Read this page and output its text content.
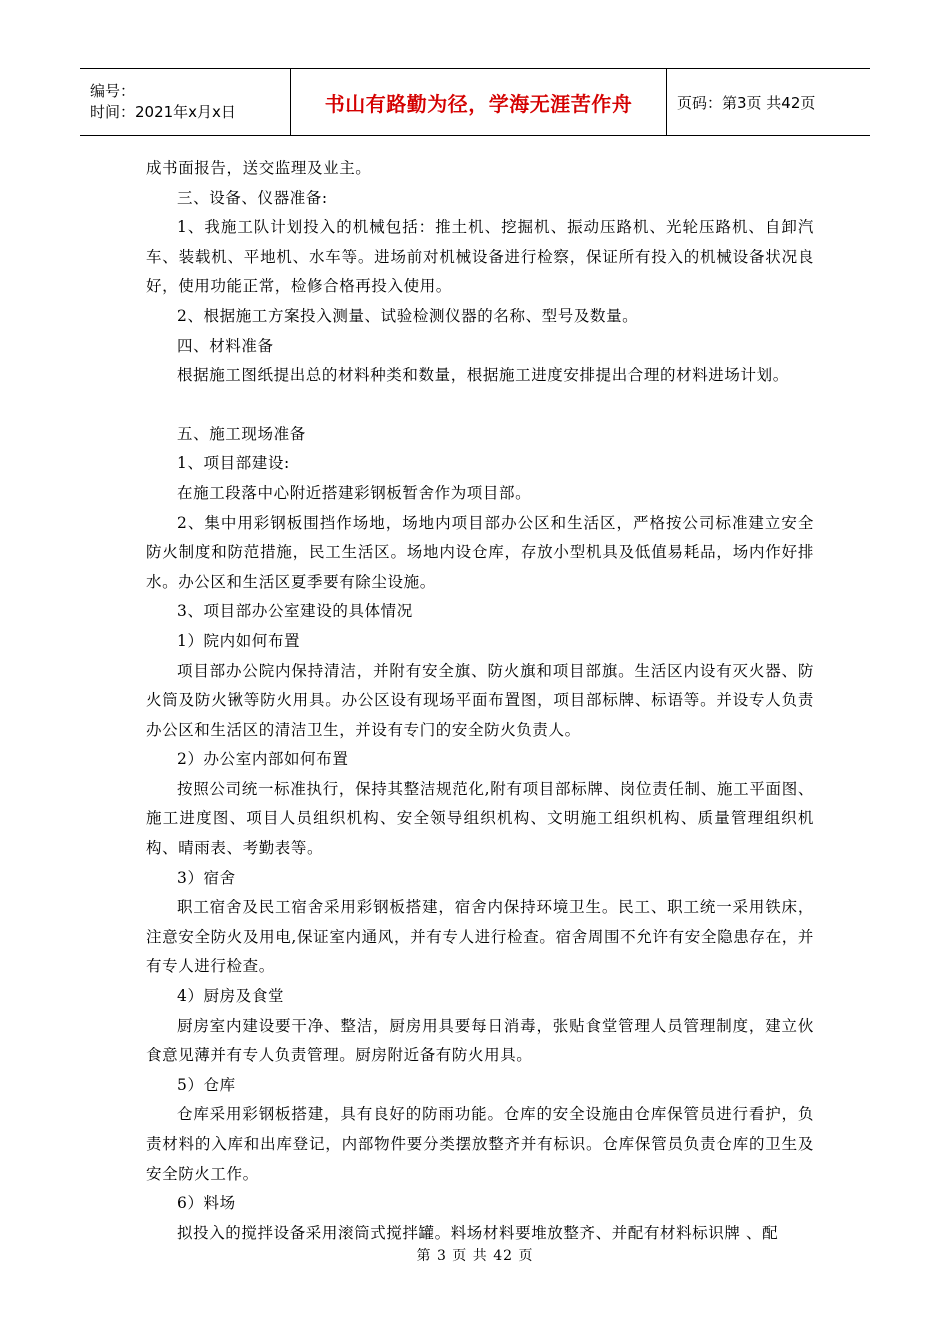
编号：
时间：2021年x月x日	书山有路勤为径，学海无涯苦作舟	页码：第3页 共42页

成书面报告，送交监理及业主。

三、设备、仪器准备:

1、我施工队计划投入的机械包括：推土机、挖掘机、振动压路机、光轮压路机、自卸汽车、装载机、平地机、水车等。进场前对机械设备进行检察，保证所有投入的机械设备状况良好，使用功能正常，检修合格再投入使用。

2、根据施工方案投入测量、试验检测仪器的名称、型号及数量。

四、材料准备

根据施工图纸提出总的材料种类和数量，根据施工进度安排提出合理的材料进场计划。

五、施工现场准备

1、项目部建设:

在施工段落中心附近搭建彩钢板暂舍作为项目部。

2、集中用彩钢板围挡作场地，场地内项目部办公区和生活区，严格按公司标准建立安全防火制度和防范措施，民工生活区。场地内设仓库，存放小型机具及低值易耗品，场内作好排水。办公区和生活区夏季要有除尘设施。

3、项目部办公室建设的具体情况

1）院内如何布置

项目部办公院内保持清洁，并附有安全旗、防火旗和项目部旗。生活区内设有灭火器、防火筒及防火锹等防火用具。办公区设有现场平面布置图，项目部标牌、标语等。并设专人负责办公区和生活区的清洁卫生，并设有专门的安全防火负责人。

2）办公室内部如何布置

按照公司统一标准执行，保持其整洁规范化,附有项目部标牌、岗位责任制、施工平面图、施工进度图、项目人员组织机构、安全领导组织机构、文明施工组织机构、质量管理组织机构、晴雨表、考勤表等。

3）宿舍

职工宿舍及民工宿舍采用彩钢板搭建，宿舍内保持环境卫生。民工、职工统一采用铁床，注意安全防火及用电,保证室内通风，并有专人进行检查。宿舍周围不允许有安全隐患存在，并有专人进行检查。

4）厨房及食堂

厨房室内建设要干净、整洁，厨房用具要每日消毒，张贴食堂管理人员管理制度，建立伙食意见薄并有专人负责管理。厨房附近备有防火用具。

5）仓库

仓库采用彩钢板搭建，具有良好的防雨功能。仓库的安全设施由仓库保管员进行看护，负责材料的入库和出库登记，内部物件要分类摆放整齐并有标识。仓库保管员负责仓库的卫生及安全防火工作。

6）料场

拟投入的搅拌设备采用滚筒式搅拌罐。料场材料要堆放整齐、并配有材料标识牌 、配

第 3 页 共 42 页
